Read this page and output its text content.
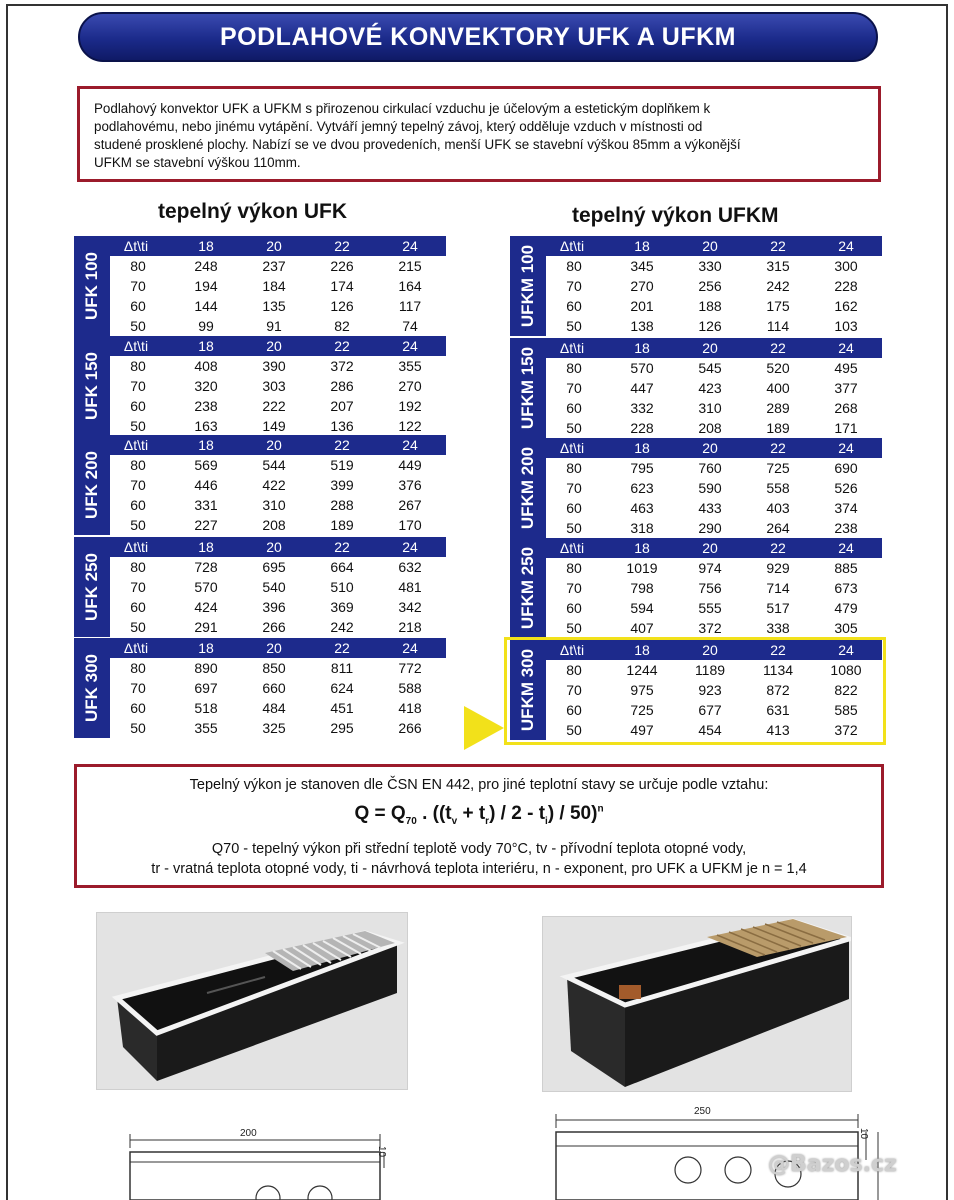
PODLAHOVÉ KONVEKTORY UFK A UFKM
Podlahový konvektor UFK a UFKM s přirozenou cirkulací vzduchu je účelovým a estetickým doplňkem k
podlahovému, nebo jinému vytápění. Vytváří jemný tepelný závoj, který odděluje vzduch v místnosti od
studené prosklené plochy. Nabízí se ve dvou provedeních, menší UFK se stavební výškou 85mm a výkonější
UFKM se stavební výškou 110mm.
tepelný výkon UFK	tepelný výkon UFKM
UFK 100
Δt\ti	18	20	22	24
80	248	237	226	215
70	194	184	174	164
60	144	135	126	117
50	99	91	82	74
UFK 150
Δt\ti	18	20	22	24
80	408	390	372	355
70	320	303	286	270
60	238	222	207	192
50	163	149	136	122
UFK 200
Δt\ti	18	20	22	24
80	569	544	519	449
70	446	422	399	376
60	331	310	288	267
50	227	208	189	170
UFK 250
Δt\ti	18	20	22	24
80	728	695	664	632
70	570	540	510	481
60	424	396	369	342
50	291	266	242	218
UFK 300
Δt\ti	18	20	22	24
80	890	850	811	772
70	697	660	624	588
60	518	484	451	418
50	355	325	295	266
UFKM 100	Δt\ti	18	20	22	24
80	345	330	315	300
70	270	256	242	228
60	201	188	175	162
50	138	126	114	103
UFKM 150	Δt\ti	18	20	22	24
80	570	545	520	495
70	447	423	400	377
60	332	310	289	268
50	228	208	189	171
UFKM 200	Δt\ti	18	20	22	24
80	795	760	725	690
70	623	590	558	526
60	463	433	403	374
50	318	290	264	238
UFKM 250	Δt\ti	18	20	22	24
80	1019	974	929	885
70	798	756	714	673
60	594	555	517	479
50	407	372	338	305
UFKM 300	Δt\ti	18	20	22	24
80	1244	1189	1134	1080
70	975	923	872	822
60	725	677	631	585
50	497	454	413	372
Tepelný výkon je stanoven dle ČSN EN 442, pro jiné teplotní stavy se určuje podle vztahu:
$Q = Q_{70}$ . $((t_v + t_r) / 2 - t_i) / 50)^n$
Q70 - tepelný výkon při střední teplotě vody 70°C, tv - přívodní teplota otopné vody,
tr - vratná teplota otopné vody, ti - návrhová teplota interiéru, n - exponent, pro UFK a UFKM je n = 1,4
200
10
250
10
@Bazos.cz
